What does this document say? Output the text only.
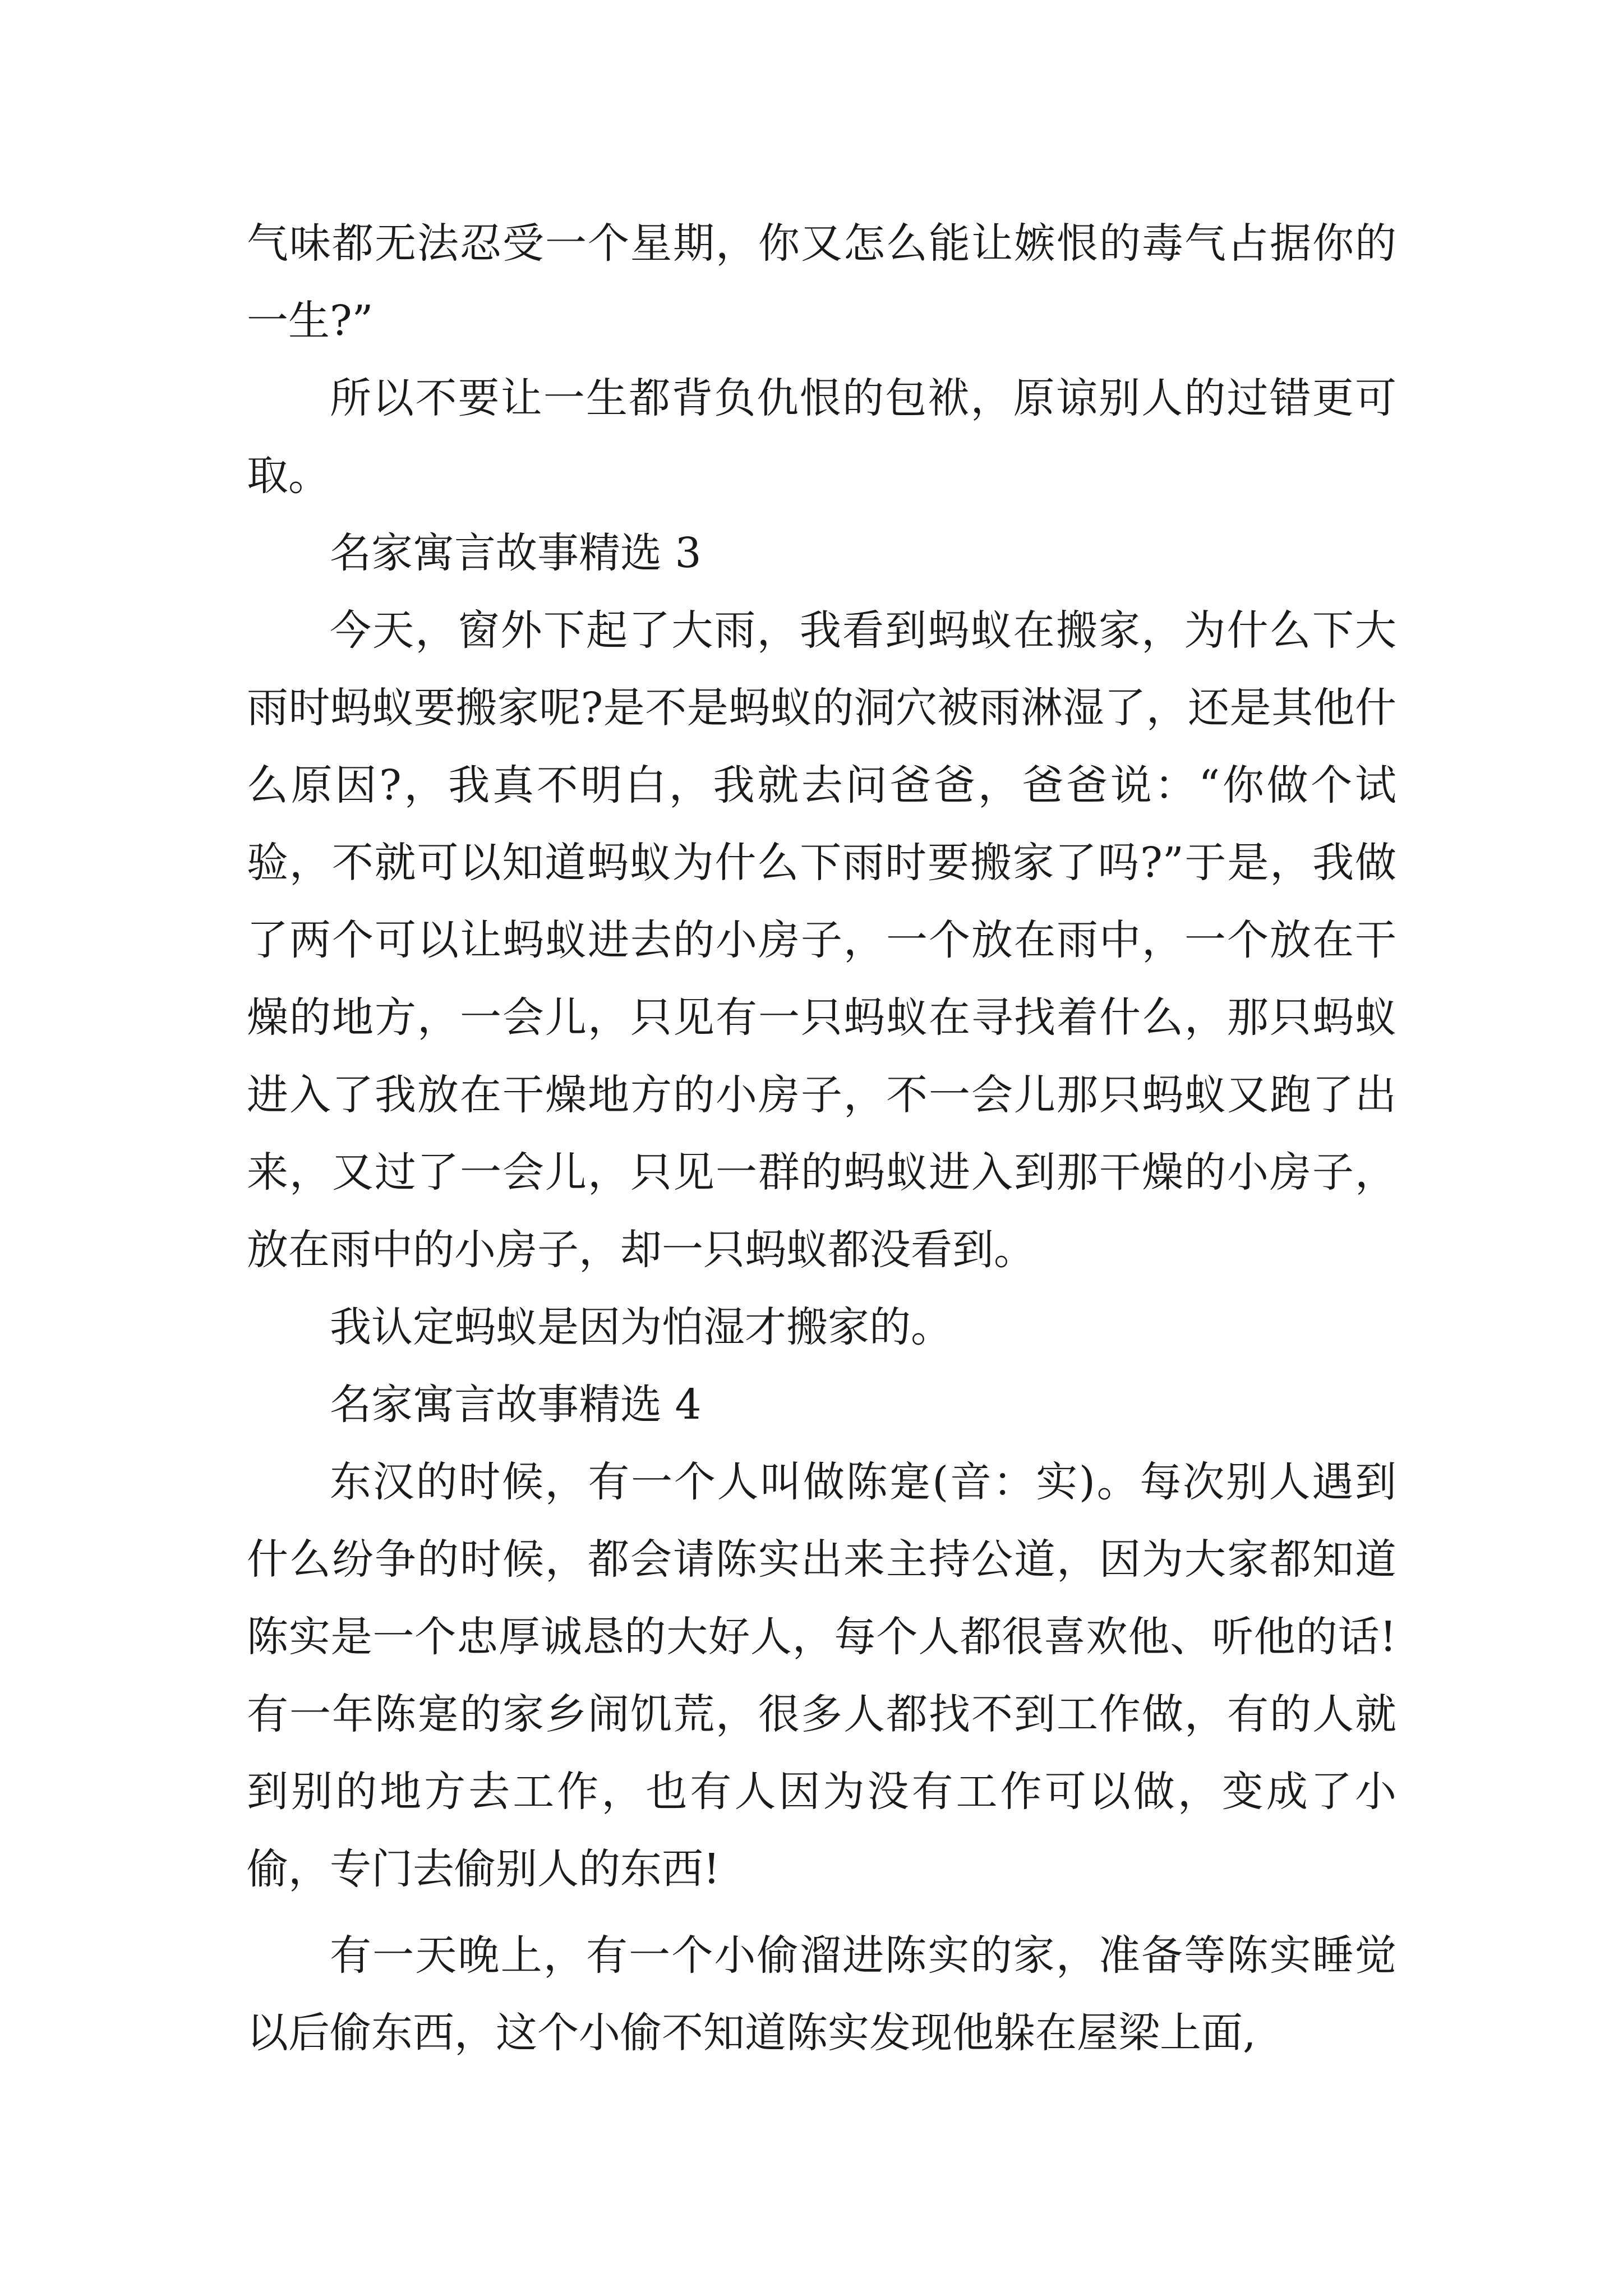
气味都无法忍受一个星期，你又怎么能让嫉恨的毒气占据你的一生?”

所以不要让一生都背负仇恨的包袱，原谅别人的过错更可取。

名家寓言故事精选 3

今天，窗外下起了大雨，我看到蚂蚁在搬家，为什么下大雨时蚂蚁要搬家呢?是不是蚂蚁的洞穴被雨淋湿了，还是其他什么原因?，我真不明白，我就去问爸爸，爸爸说：“你做个试验，不就可以知道蚂蚁为什么下雨时要搬家了吗?”于是，我做了两个可以让蚂蚁进去的小房子，一个放在雨中，一个放在干燥的地方，一会儿，只见有一只蚂蚁在寻找着什么，那只蚂蚁进入了我放在干燥地方的小房子，不一会儿那只蚂蚁又跑了出来，又过了一会儿，只见一群的蚂蚁进入到那干燥的小房子，放在雨中的小房子，却一只蚂蚁都没看到。

我认定蚂蚁是因为怕湿才搬家的。

名家寓言故事精选 4

东汉的时候，有一个人叫做陈寔(音：实)。每次别人遇到什么纷争的时候，都会请陈实出来主持公道，因为大家都知道陈实是一个忠厚诚恳的大好人，每个人都很喜欢他、听他的话!有一年陈寔的家乡闹饥荒，很多人都找不到工作做，有的人就到别的地方去工作，也有人因为没有工作可以做，变成了小偷，专门去偷别人的东西!

有一天晚上，有一个小偷溜进陈实的家，准备等陈实睡觉以后偷东西，这个小偷不知道陈实发现他躲在屋梁上面,
